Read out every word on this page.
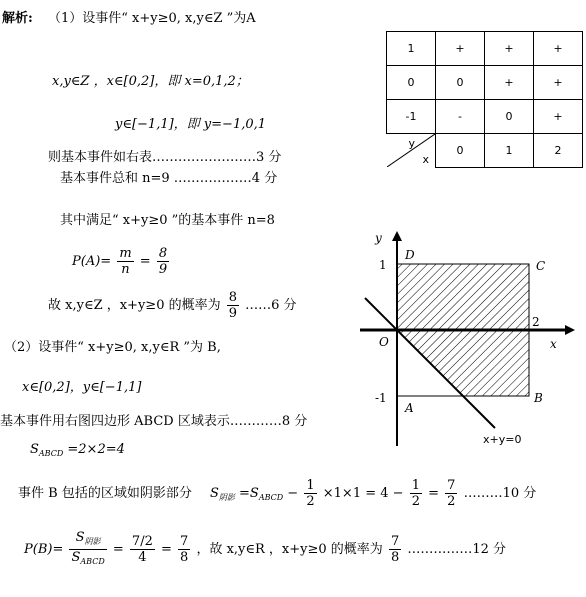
解析: （1）设事件“ x+y≥0, x,y∈Z ”为A
x,y∈Z ，x∈[0,2]，即 x=0,1,2；
y∈[−1,1]，即 y=−1,0,1
则基本事件如右表……………………3 分
基本事件总和 n=9 ………………4 分
其中满足“ x+y≥0 ”的基本事件 n=8
$P(A)= \frac{m}{n} = \frac{8}{9}$
故 x,y∈Z ，x+y≥0 的概率为 $\frac{8}{9}$ ……6 分
（2）设事件“ x+y≥0, x,y∈R ”为 B,
x∈[0,2]，y∈[−1,1]
基本事件用右图四边形 ABCD 区域表示…………8 分
$S_{ABCD} =2\times 2=4$
事件 B 包括的区域如阴影部分 $S_{阴影} =S_{ABCD} - \frac{1}{2} \times 1\times 1 = 4 - \frac{1}{2} = \frac{7}{2}$ ………10 分
$P(B)= \frac{S_{阴影}}{S_{ABCD}} = \frac{7/2}{4} = \frac{7}{8}$ ，故 x,y∈R ，x+y≥0 的概率为 $\frac{7}{8}$ ……………12 分
1	+	+	+
0	0	+	+
-1	-	0	+

y
x	0	1	2
y
x
O
D
C
A
B
1
-1
2
x+y=0
